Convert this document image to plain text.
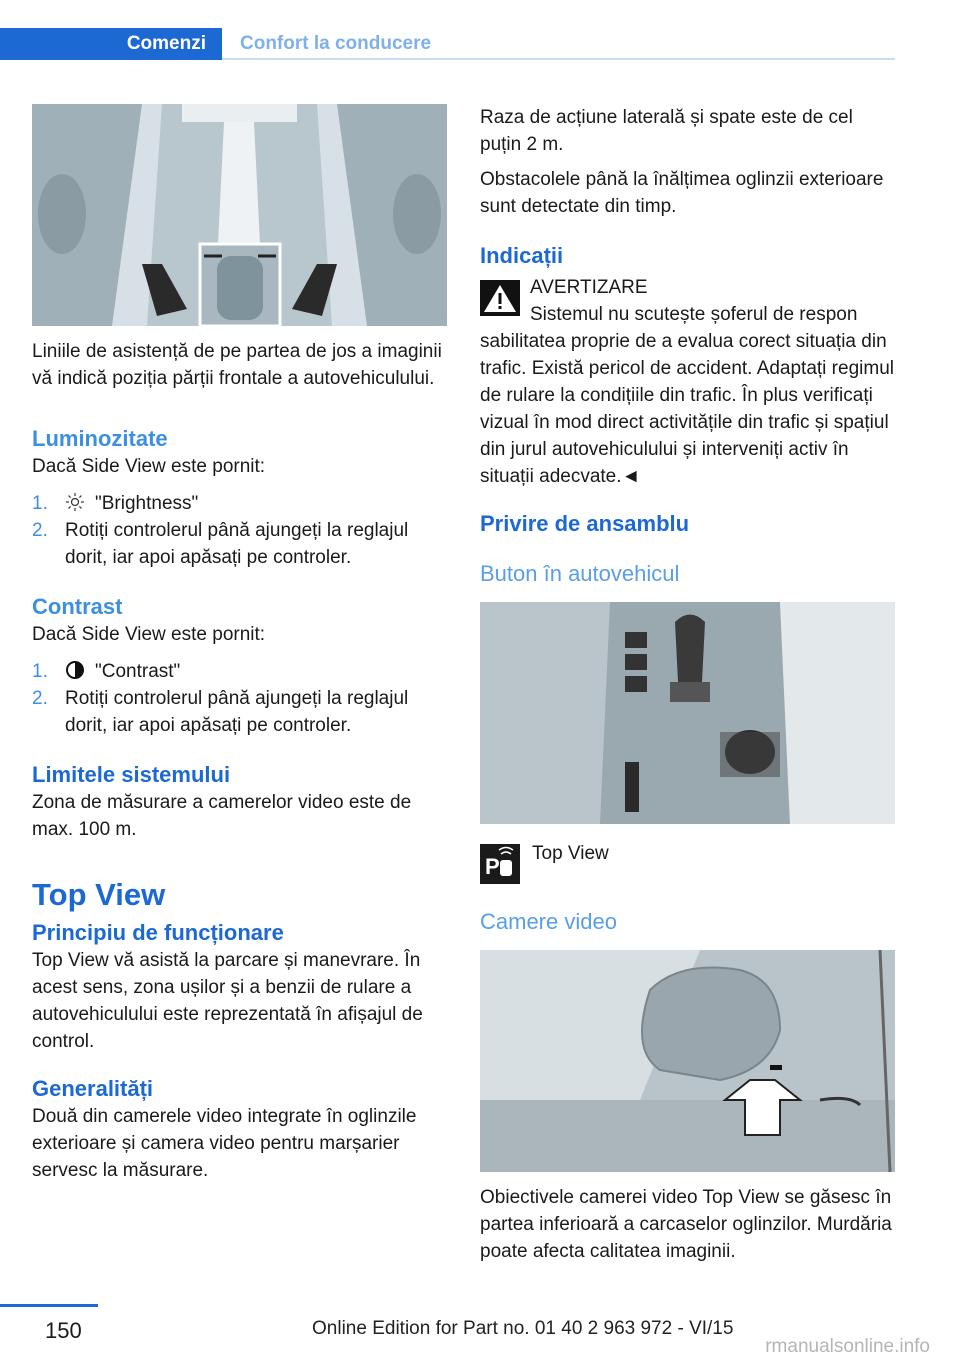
Comenzi Confort la conducere

Liniile de asistență de pe partea de jos a imaginii vă indică poziția părții frontale a autovehiculului.

Luminozitate

Dacă Side View este pornit:

1. "Brightness"
2. Rotiți controlerul până ajungeți la reglajul dorit, iar apoi apăsați pe controler.
Contrast

Dacă Side View este pornit:

1. "Contrast"
2. Rotiți controlerul până ajungeți la reglajul dorit, iar apoi apăsați pe controler.
Limitele sistemului

Zona de măsurare a camerelor video este de max. 100 m.

Top View
Principiu de funcționare

Top View vă asistă la parcare și manevrare. În acest sens, zona ușilor și a benzii de rulare a autovehiculului este reprezentată în afișajul de control.

Generalități

Două din camerele video integrate în oglinzile exterioare și camera video pentru marșarier servesc la măsurare.

Raza de acțiune laterală și spate este de cel puțin 2 m.

Obstacolele până la înălțimea oglinzii exterioare sunt detectate din timp.

Indicații

AVERTIZARE

Sistemul nu scutește șoferul de respon

sabilitatea proprie de a evalua corect situația din trafic. Există pericol de accident. Adaptați regimul de rulare la condițiile din trafic. În plus verificați vizual în mod direct activitățile din trafic și spațiul din jurul autovehiculului și interveniți activ în situații adecvate.◄

Privire de ansamblu
Buton în autovehicul
P

Top View

Camere video

Obiectivele camerei video Top View se găsesc în partea inferioară a carcaselor oglinzilor. Murdăria poate afecta calitatea imaginii.

150	Online Edition for Part no. 01 40 2 963 972 - VI/15
rmanualsonline.info
